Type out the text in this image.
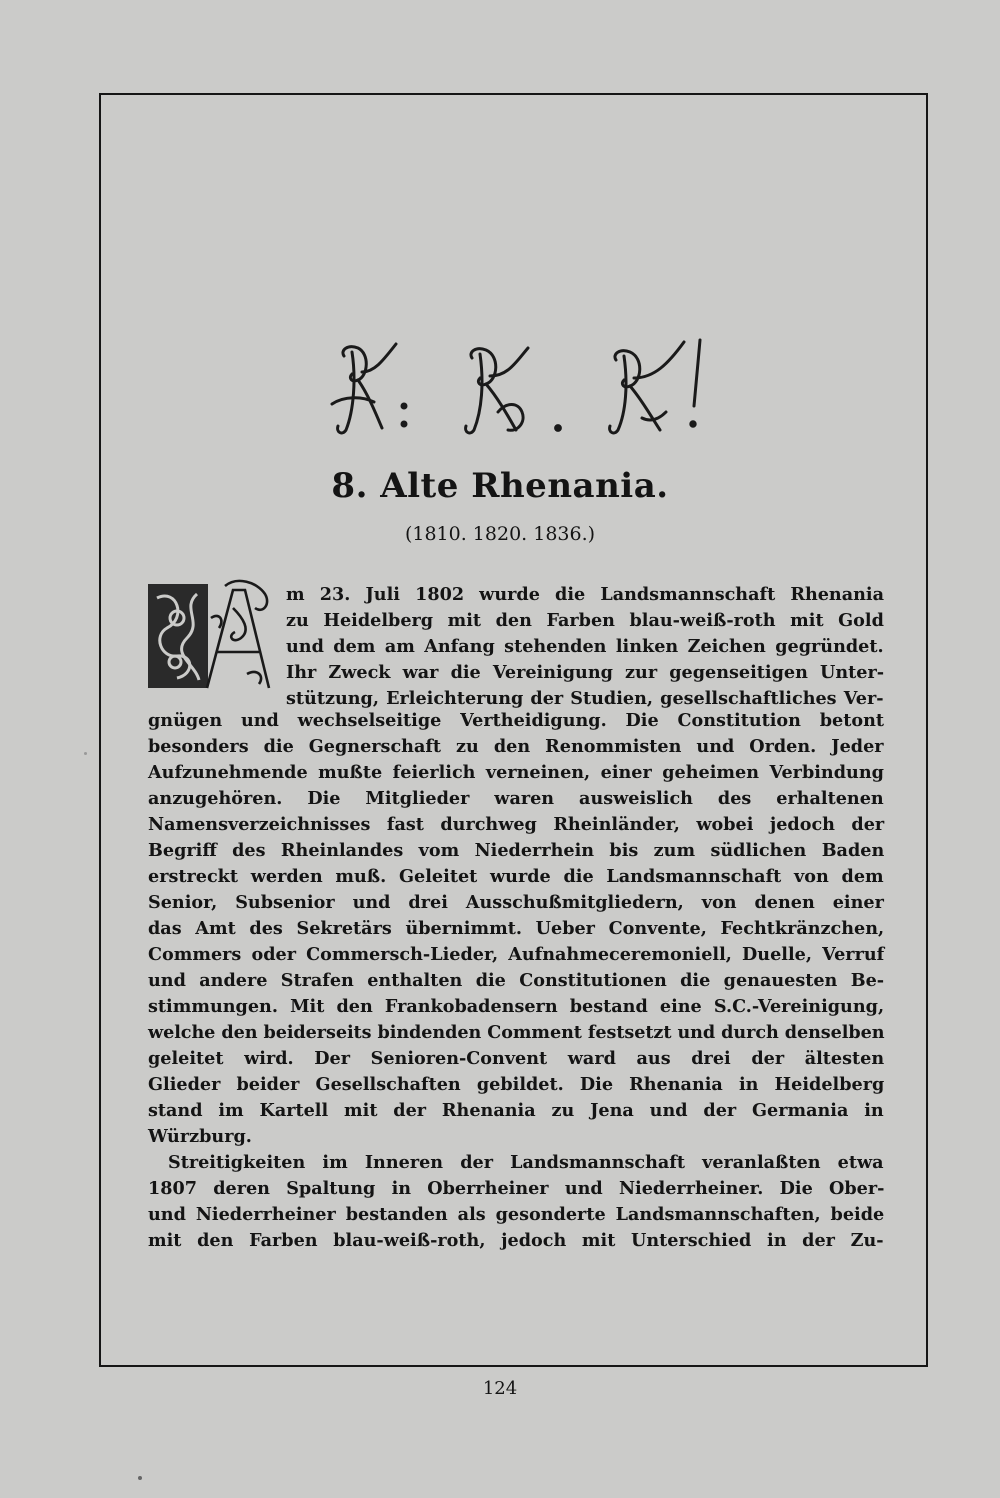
8. Alte Rhenania.
(1810. 1820. 1836.)
m 23. Juli 1802 wurde die Landsmannschaft Rhenania
zu Heidelberg mit den Farben blau-weiß-roth mit Gold
und dem am Anfang stehenden linken Zeichen gegründet.
Ihr Zweck war die Vereinigung zur gegenseitigen Unter-
stützung, Erleichterung der Studien, gesellschaftliches Ver-
gnügen und wechselseitige Vertheidigung. Die Constitution betont
besonders die Gegnerschaft zu den Renommisten und Orden. Jeder
Aufzunehmende mußte feierlich verneinen, einer geheimen Verbindung
anzugehören. Die Mitglieder waren ausweislich des erhaltenen
Namensverzeichnisses fast durchweg Rheinländer, wobei jedoch der
Begriff des Rheinlandes vom Niederrhein bis zum südlichen Baden
erstreckt werden muß. Geleitet wurde die Landsmannschaft von dem
Senior, Subsenior und drei Ausschußmitgliedern, von denen einer
das Amt des Sekretärs übernimmt. Ueber Convente, Fechtkränzchen,
Commers oder Commersch-Lieder, Aufnahmeceremoniell, Duelle, Verruf
und andere Strafen enthalten die Constitutionen die genauesten Be-
stimmungen. Mit den Frankobadensern bestand eine S.C.-Vereinigung,
welche den beiderseits bindenden Comment festsetzt und durch denselben
geleitet wird. Der Senioren-Convent ward aus drei der ältesten
Glieder beider Gesellschaften gebildet. Die Rhenania in Heidelberg
stand im Kartell mit der Rhenania zu Jena und der Germania in
Würzburg.
Streitigkeiten im Inneren der Landsmannschaft veranlaßten etwa
1807 deren Spaltung in Oberrheiner und Niederrheiner. Die Ober-
und Niederrheiner bestanden als gesonderte Landsmannschaften, beide
mit den Farben blau-weiß-roth, jedoch mit Unterschied in der Zu-
124
